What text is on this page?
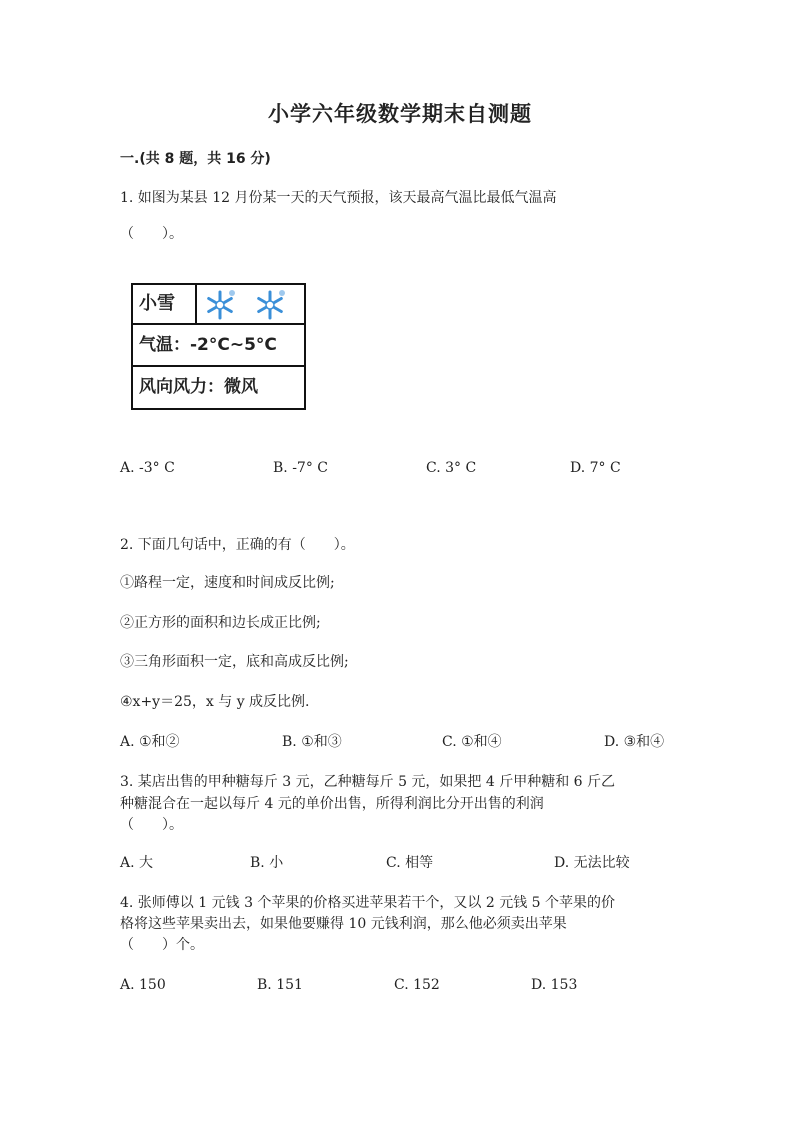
小学六年级数学期末自测题
一.(共 8 题，共 16 分)
1. 如图为某县 12 月份某一天的天气预报，该天最高气温比最低气温高
（　　）。
小雪
气温：-2°C~5°C
风向风力：微风
A. -3° C	B. -7° C	C. 3° C	D. 7° C
2. 下面几句话中，正确的有（　　）。
①路程一定，速度和时间成反比例;
②正方形的面积和边长成正比例;
③三角形面积一定，底和高成反比例;
④x+y＝25，x 与 y 成反比例.
A. ①和②	B. ①和③	C. ①和④	D. ③和④
3. 某店出售的甲种糖每斤 3 元，乙种糖每斤 5 元，如果把 4 斤甲种糖和 6 斤乙
种糖混合在一起以每斤 4 元的单价出售，所得利润比分开出售的利润
（　　）。
A. 大	B. 小	C. 相等	D. 无法比较
4. 张师傅以 1 元钱 3 个苹果的价格买进苹果若干个，又以 2 元钱 5 个苹果的价
格将这些苹果卖出去，如果他要赚得 10 元钱利润，那么他必须卖出苹果
（　　）个。
A. 150	B. 151	C. 152	D. 153
